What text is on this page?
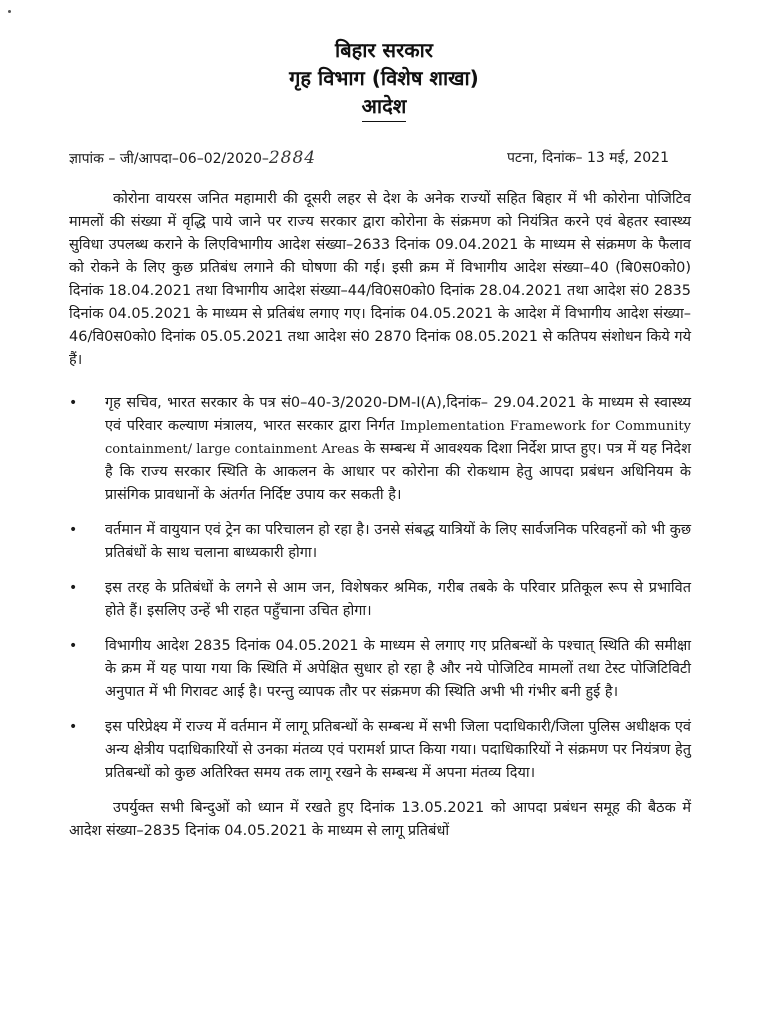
बिहार सरकार
गृह विभाग (विशेष शाखा)
आदेश
ज्ञापांक – जी/आपदा–06–02/2020–2884	पटना, दिनांक– 13 मई, 2021

कोरोना वायरस जनित महामारी की दूसरी लहर से देश के अनेक राज्यों सहित बिहार में भी कोरोना पोजिटिव मामलों की संख्या में वृद्धि पाये जाने पर राज्य सरकार द्वारा कोरोना के संक्रमण को नियंत्रित करने एवं बेहतर स्वास्थ्य सुविधा उपलब्ध कराने के लिएविभागीय आदेश संख्या–2633 दिनांक 09.04.2021 के माध्यम से संक्रमण के फैलाव को रोकने के लिए कुछ प्रतिबंध लगाने की घोषणा की गई। इसी क्रम में विभागीय आदेश संख्या–40 (बि0स0को0) दिनांक 18.04.2021 तथा विभागीय आदेश संख्या–44/वि0स0को0 दिनांक 28.04.2021 तथा आदेश सं0 2835 दिनांक 04.05.2021 के माध्यम से प्रतिबंध लगाए गए। दिनांक 04.05.2021 के आदेश में विभागीय आदेश संख्या–46/वि0स0को0 दिनांक 05.05.2021 तथा आदेश सं0 2870 दिनांक 08.05.2021 से कतिपय संशोधन किये गये हैं।

• गृह सचिव, भारत सरकार के पत्र सं0–40-3/2020-DM-I(A),दिनांक– 29.04.2021 के माध्यम से स्वास्थ्य एवं परिवार कल्याण मंत्रालय, भारत सरकार द्वारा निर्गत Implementation Framework for Community containment/ large containment Areas के सम्बन्ध में आवश्यक दिशा निर्देश प्राप्त हुए। पत्र में यह निदेश है कि राज्य सरकार स्थिति के आकलन के आधार पर कोरोना की रोकथाम हेतु आपदा प्रबंधन अधिनियम के प्रासंगिक प्रावधानों के अंतर्गत निर्दिष्ट उपाय कर सकती है।
• वर्तमान में वायुयान एवं ट्रेन का परिचालन हो रहा है। उनसे संबद्ध यात्रियों के लिए सार्वजनिक परिवहनों को भी कुछ प्रतिबंधों के साथ चलाना बाध्यकारी होगा।
• इस तरह के प्रतिबंधों के लगने से आम जन, विशेषकर श्रमिक, गरीब तबके के परिवार प्रतिकूल रूप से प्रभावित होते हैं। इसलिए उन्हें भी राहत पहुँचाना उचित होगा।
• विभागीय आदेश 2835 दिनांक 04.05.2021 के माध्यम से लगाए गए प्रतिबन्धों के पश्चात् स्थिति की समीक्षा के क्रम में यह पाया गया कि स्थिति में अपेक्षित सुधार हो रहा है और नये पोजिटिव मामलों तथा टेस्ट पोजिटिविटी अनुपात में भी गिरावट आई है। परन्तु व्यापक तौर पर संक्रमण की स्थिति अभी भी गंभीर बनी हुई है।
• इस परिप्रेक्ष्य में राज्य में वर्तमान में लागू प्रतिबन्धों के सम्बन्ध में सभी जिला पदाधिकारी/जिला पुलिस अधीक्षक एवं अन्य क्षेत्रीय पदाधिकारियों से उनका मंतव्य एवं परामर्श प्राप्त किया गया। पदाधिकारियों ने संक्रमण पर नियंत्रण हेतु प्रतिबन्धों को कुछ अतिरिक्त समय तक लागू रखने के सम्बन्ध में अपना मंतव्य दिया।

उपर्युक्त सभी बिन्दुओं को ध्यान में रखते हुए दिनांक 13.05.2021 को आपदा प्रबंधन समूह की बैठक में आदेश संख्या–2835 दिनांक 04.05.2021 के माध्यम से लागू प्रतिबंधों
